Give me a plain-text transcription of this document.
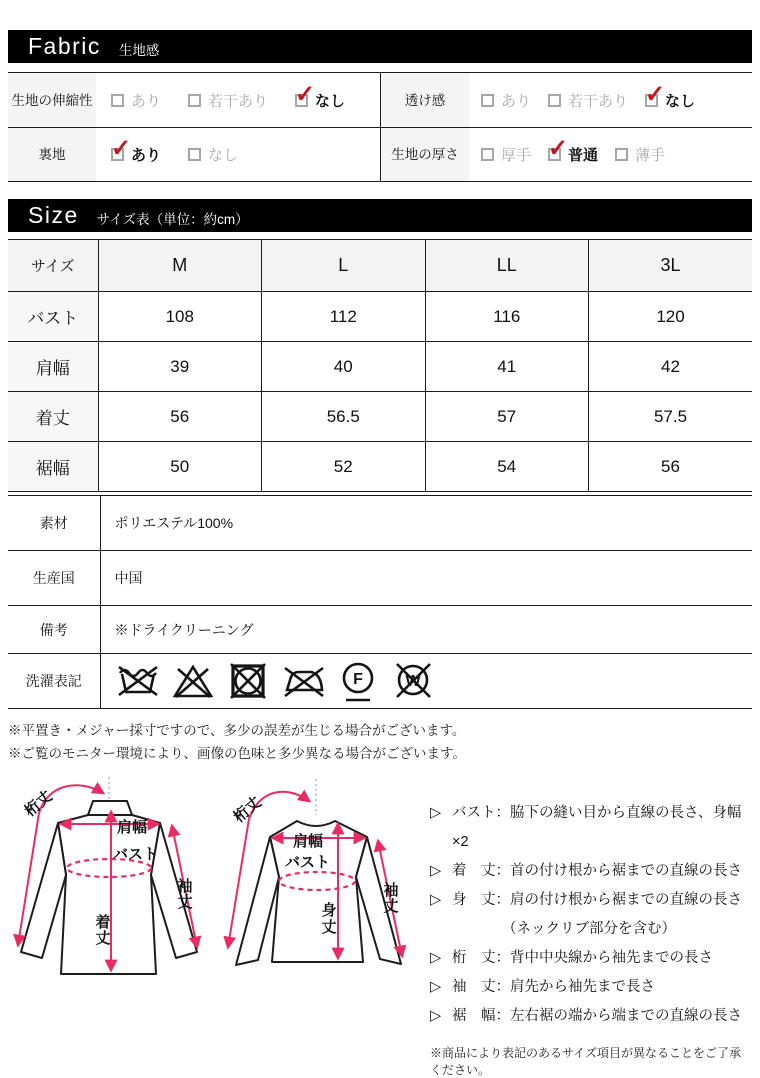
Fabric 生地感
生地の伸縮性	あり	若干あり ✓ なし	透け感	あり 若干あり ✓ なし
裏地	✓ あり	なし	生地の厚さ	厚手 ✓ 普通 薄手
Size サイズ表（単位：約cm）
サイズ	M	L	LL	3L
バスト	108	112	116	120
肩幅	39	40	41	42
着丈	56	56.5	57	57.5
裾幅	50	52	54	56
素材	ポリエステル100%
生産国	中国
備考	※ドライクリーニング
洗濯表記	F W
※平置き・メジャー採寸ですので、多少の誤差が生じる場合がございます。
※ご覧のモニター環境により、画像の色味と多少異なる場合がございます。
桁丈
肩幅
バスト
着
丈
袖
丈
桁丈
肩幅
バスト
身
丈
袖
丈
▷ バスト：脇下の縫い目から直線の長さ、身幅×2
▷ 着　丈：首の付け根から裾までの直線の長さ
▷ 身　丈：肩の付け根から裾までの直線の長さ
（ネックリブ部分を含む）
▷ 桁　丈：背中中央線から袖先までの長さ
▷ 袖　丈：肩先から袖先まで長さ
▷ 裾　幅：左右裾の端から端までの直線の長さ
※商品により表記のあるサイズ項目が異なることをご了承ください。
